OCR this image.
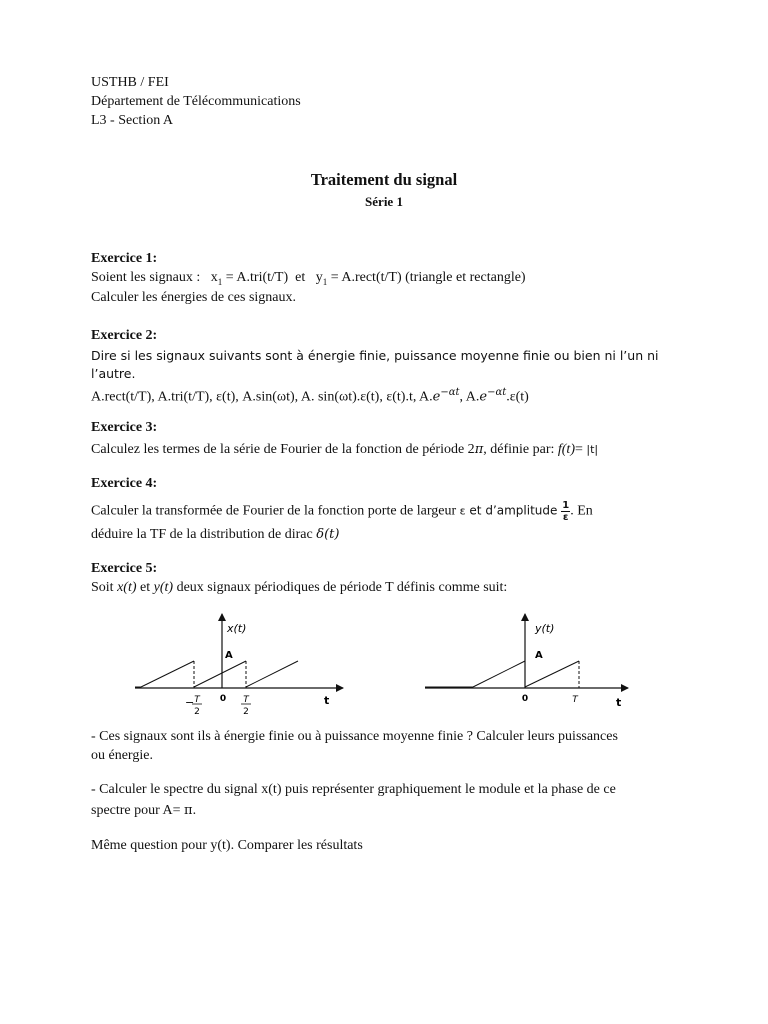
USTHB / FEI
Département de Télécommunications
L3 - Section A
Traitement du signal
Série 1
Exercice 1:
Soient les signaux : $x_1 = A.tri(t/T)$ et $y_1$ = A.rect(t/T) (triangle et rectangle)
Calculer les énergies de ces signaux.
Exercice 2:
Dire si les signaux suivants sont à énergie finie, puissance moyenne finie ou bien ni l’un ni
l’autre.
A.rect(t/T), A.tri(t/T), ε(t), A.sin(ωt), A. sin(ωt).ε(t), ε(t).t, $A.e^{-\alpha t}$, $A.e^{-\alpha t}.\varepsilon(t)$
Exercice 3:
Calculez les termes de la série de Fourier de la fonction de période 2π, définie par: f(t)= |t|
Exercice 4:
Calculer la transformée de Fourier de la fonction porte de largeur ε et d’amplitude $\frac{1}{\varepsilon}$ . En
déduire la TF de la distribution de dirac δ(t)
Exercice 5:
Soit x(t) et y(t) deux signaux périodiques de période T définis comme suit:
x(t)
A
− T
2
0 T
2
t
y(t)
A
0	T	t
- Ces signaux sont ils à énergie finie ou à puissance moyenne finie ? Calculer leurs puissances
ou énergie.
- Calculer le spectre du signal x(t) puis représenter graphiquement le module et la phase de ce
spectre pour A= π.
Même question pour y(t). Comparer les résultats
